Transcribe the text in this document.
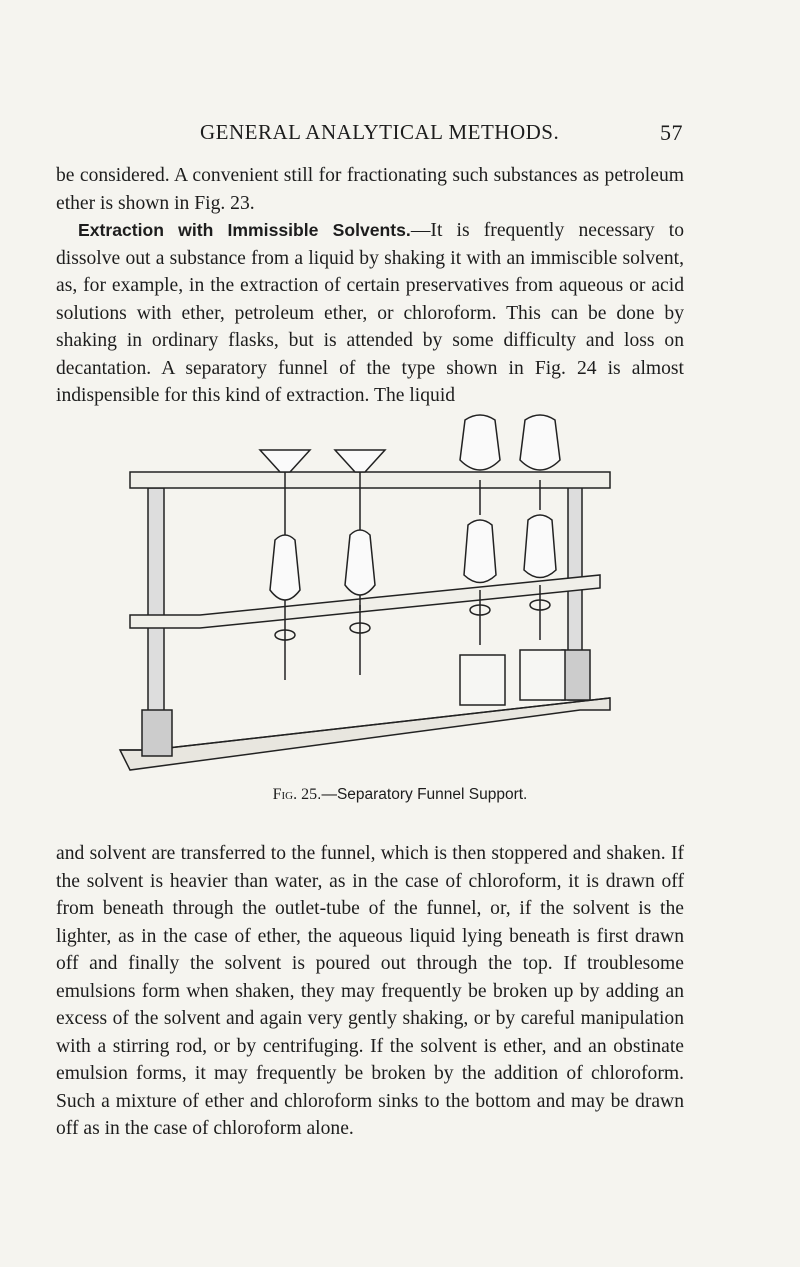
GENERAL ANALYTICAL METHODS.	57
be considered. A convenient still for fractionating such substances as petroleum ether is shown in Fig. 23.
Extraction with Immissible Solvents.—It is frequently necessary to dissolve out a substance from a liquid by shaking it with an immiscible solvent, as, for example, in the extraction of certain preservatives from aqueous or acid solutions with ether, petroleum ether, or chloroform. This can be done by shaking in ordinary flasks, but is attended by some difficulty and loss on decantation. A separatory funnel of the type shown in Fig. 24 is almost indispensible for this kind of extraction. The liquid
Fig. 25.—Separatory Funnel Support.
and solvent are transferred to the funnel, which is then stoppered and shaken. If the solvent is heavier than water, as in the case of chloroform, it is drawn off from beneath through the outlet-tube of the funnel, or, if the solvent is the lighter, as in the case of ether, the aqueous liquid lying beneath is first drawn off and finally the solvent is poured out through the top. If troublesome emulsions form when shaken, they may frequently be broken up by adding an excess of the solvent and again very gently shaking, or by careful manipulation with a stirring rod, or by centrifuging. If the solvent is ether, and an obstinate emulsion forms, it may frequently be broken by the addition of chloroform. Such a mixture of ether and chloroform sinks to the bottom and may be drawn off as in the case of chloroform alone.
